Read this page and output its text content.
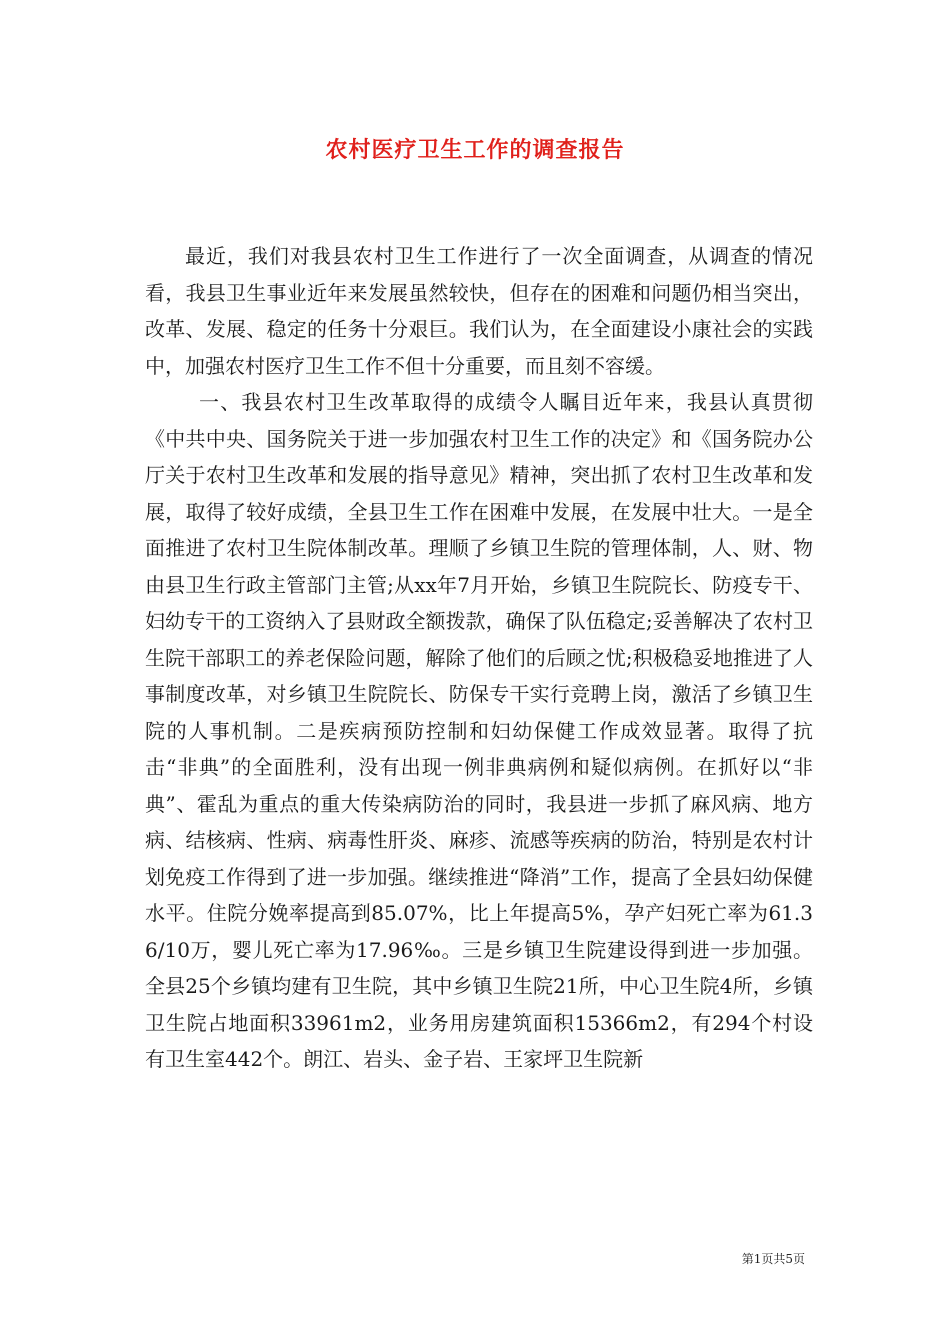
农村医疗卫生工作的调查报告

最近，我们对我县农村卫生工作进行了一次全面调查，从调查的情况看，我县卫生事业近年来发展虽然较快，但存在的困难和问题仍相当突出，改革、发展、稳定的任务十分艰巨。我们认为，在全面建设小康社会的实践中，加强农村医疗卫生工作不但十分重要，而且刻不容缓。

一、我县农村卫生改革取得的成绩令人瞩目近年来，我县认真贯彻《中共中央、国务院关于进一步加强农村卫生工作的决定》和《国务院办公厅关于农村卫生改革和发展的指导意见》精神，突出抓了农村卫生改革和发展，取得了较好成绩，全县卫生工作在困难中发展，在发展中壮大。一是全面推进了农村卫生院体制改革。理顺了乡镇卫生院的管理体制，人、财、物由县卫生行政主管部门主管;从xx年7月开始，乡镇卫生院院长、防疫专干、妇幼专干的工资纳入了县财政全额拨款，确保了队伍稳定;妥善解决了农村卫生院干部职工的养老保险问题，解除了他们的后顾之忧;积极稳妥地推进了人事制度改革，对乡镇卫生院院长、防保专干实行竞聘上岗，激活了乡镇卫生院的人事机制。二是疾病预防控制和妇幼保健工作成效显著。取得了抗击“非典”的全面胜利，没有出现一例非典病例和疑似病例。在抓好以“非典”、霍乱为重点的重大传染病防治的同时，我县进一步抓了麻风病、地方病、结核病、性病、病毒性肝炎、麻疹、流感等疾病的防治，特别是农村计划免疫工作得到了进一步加强。继续推进“降消”工作，提高了全县妇幼保健水平。住院分娩率提高到85.07%，比上年提高5%，孕产妇死亡率为61.36/10万，婴儿死亡率为17.96‰。三是乡镇卫生院建设得到进一步加强。全县25个乡镇均建有卫生院，其中乡镇卫生院21所，中心卫生院4所，乡镇卫生院占地面积33961m2，业务用房建筑面积15366m2，有294个村设有卫生室442个。朗江、岩头、金子岩、王家坪卫生院新

第1页共5页
